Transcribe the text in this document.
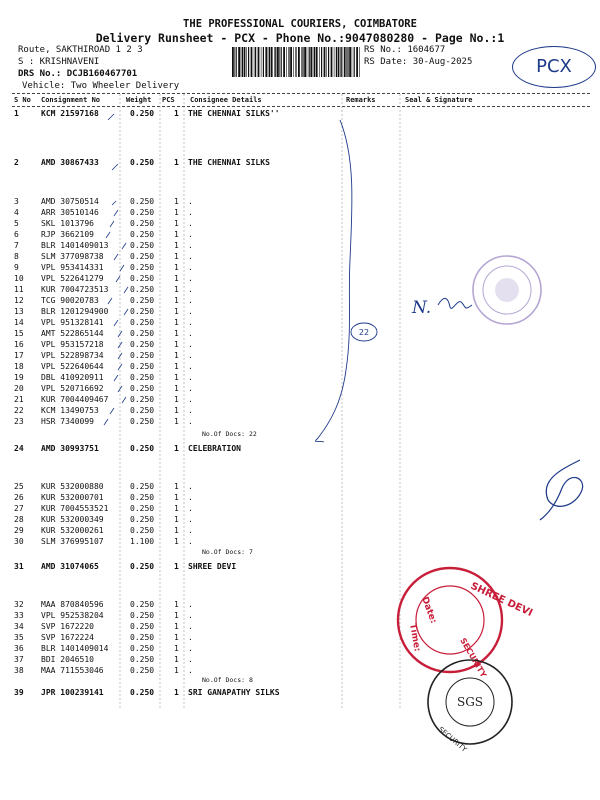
THE PROFESSIONAL COURIERS, COIMBATORE
Delivery Runsheet - PCX - Phone No.:9047080280 - Page No.:1
Route, SAKTHIROAD 1 2 3
S : KRISHNAVENI
DRS No.: DCJB160467701
Vehicle: Two Wheeler Delivery
RS No.: 1604677
RS Date: 30-Aug-2025	PCX
S No Consignment No	Weight PCS Consignee Details	Remarks	Seal & Signature
1	KCM 21597168	0.250 1 THE CHENNAI SILKS''
2	AMD 30867433	0.250 1 THE CHENNAI SILKS
3	AMD 30750514	0.250 1 .
4	ARR 30510146	0.250 1 .
5	SKL 1013796	0.250 1 .
6	RJP 3662109	0.250 1 .
7	BLR 1401409013	0.250 1 .
8	SLM 377098738	0.250 1 .
9	VPL 953414331	0.250 1 .
10 VPL 522641279	0.250 1 .
11 KUR 7004723513	0.250 1 .
12 TCG 90020783	0.250 1 .
13 BLR 1201294900	0.250 1 .
14 VPL 951328141	0.250 1 .
15 AMT 522865144	0.250 1 .
16 VPL 953157218	0.250 1 .
17 VPL 522898734	0.250 1 .
18 VPL 522640644	0.250 1 .
19 DBL 410920911	0.250 1 .
20 VPL 520716692	0.250 1 .
21 KUR 7004409467	0.250 1 .
22 KCM 13490753	0.250 1 .
23 HSR 7340099	0.250 1 .
24 AMD 30993751	0.250 1 CELEBRATION
25 KUR 532000880	0.250 1 .
26 KUR 532000701	0.250 1 .
27 KUR 7004553521	0.250 1 .
28 KUR 532000349	0.250 1 .
29 KUR 532000261	0.250 1 .
30 SLM 376995107	1.100 1 .
31 AMD 31074065	0.250 1 SHREE DEVI
32 MAA 870840596	0.250 1 .
33 VPL 952538204	0.250 1 .
34 SVP 1672220	0.250 1 .
35 SVP 1672224	0.250 1 .
36 BLR 1401409014	0.250 1 .
37 BDI 2046510	0.250 1 .
38 MAA 711553046	0.250 1 .
39 JPR 100239141	0.250 1 SRI GANAPATHY SILKS
No.Of Docs: 22
No.Of Docs: 7
No.Of Docs: 8
N.
22
SHREE DEVI
Date:
Time:	SECURITY
SGS
SECURITY
